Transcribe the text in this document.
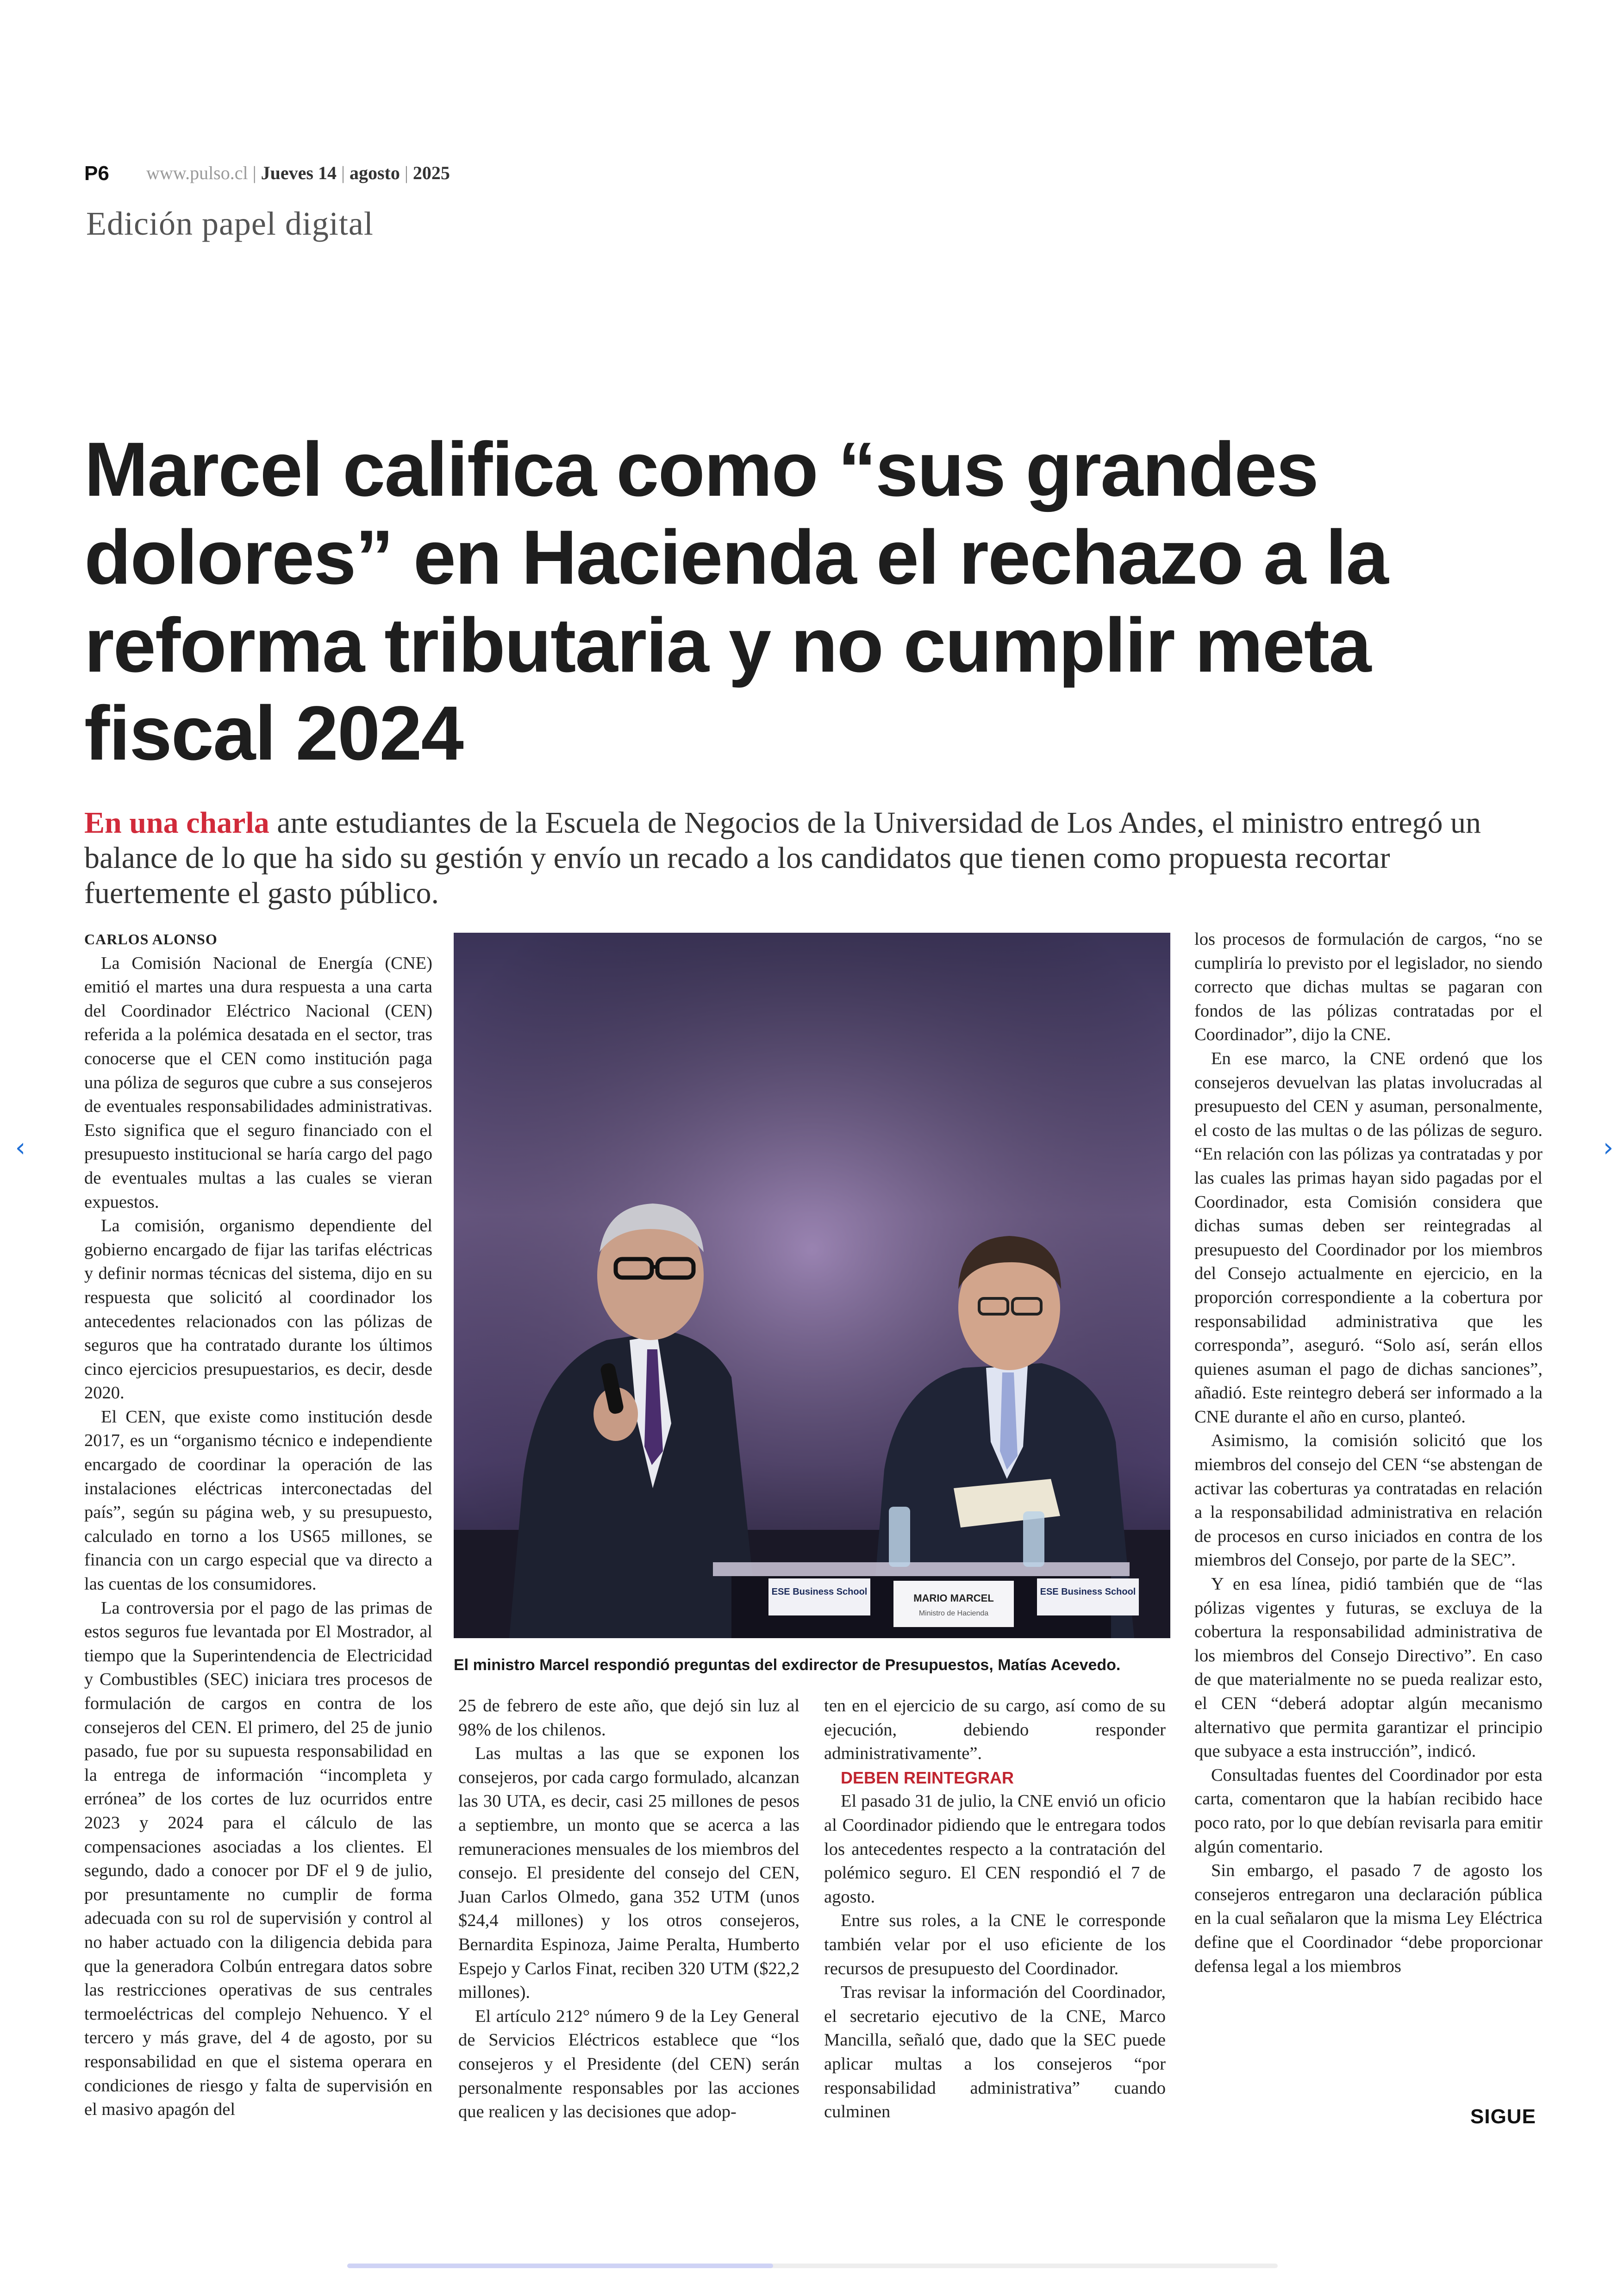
P6 www.pulso.cl | Jueves 14 | agosto | 2025
Edición papel digital
Marcel califica como “sus grandes dolores” en Hacienda el rechazo a la reforma tributaria y no cumplir meta fiscal 2024

En una charla ante estudiantes de la Escuela de Negocios de la Universidad de Los Andes, el ministro entregó un balance de lo que ha sido su gestión y envío un recado a los candidatos que tienen como propuesta recortar fuertemente el gasto público.

CARLOS ALONSO

La Comisión Nacional de Energía (CNE) emitió el martes una dura respuesta a una carta del Coordinador Eléctrico Nacional (CEN) referida a la polémica desatada en el sector, tras conocerse que el CEN como institución paga una póliza de seguros que cubre a sus consejeros de eventuales responsabilidades administrativas. Esto significa que el seguro financiado con el presupuesto institucional se haría cargo del pago de eventuales multas a las cuales se vieran expuestos.

La comisión, organismo dependiente del gobierno encargado de fijar las tarifas eléctricas y definir normas técnicas del sistema, dijo en su respuesta que solicitó al coordinador los antecedentes relacionados con las pólizas de seguros que ha contratado durante los últimos cinco ejercicios presupuestarios, es decir, desde 2020.

El CEN, que existe como institución desde 2017, es un “organismo técnico e independiente encargado de coordinar la operación de las instalaciones eléctricas interconectadas del país”, según su página web, y su presupuesto, calculado en torno a los US65 millones, se financia con un cargo especial que va directo a las cuentas de los consumidores.

La controversia por el pago de las primas de estos seguros fue levantada por El Mostrador, al tiempo que la Superintendencia de Electricidad y Combustibles (SEC) iniciara tres procesos de formulación de cargos en contra de los consejeros del CEN. El primero, del 25 de junio pasado, fue por su supuesta responsabilidad en la entrega de información “incompleta y errónea” de los cortes de luz ocurridos entre 2023 y 2024 para el cálculo de las compensaciones asociadas a los clientes. El segundo, dado a conocer por DF el 9 de julio, por presuntamente no cumplir de forma adecuada con su rol de supervisión y control al no haber actuado con la diligencia debida para que la generadora Colbún entregara datos sobre las restricciones operativas de sus centrales termoeléctricas del complejo Nehuenco. Y el tercero y más grave, del 4 de agosto, por su responsabilidad en que el sistema operara en condiciones de riesgo y falta de supervisión en el masivo apagón del

ESE Business School
MARIO MARCEL
Ministro de Hacienda
ESE Business School
El ministro Marcel respondió preguntas del exdirector de Presupuestos, Matías Acevedo.

25 de febrero de este año, que dejó sin luz al 98% de los chilenos.

Las multas a las que se exponen los consejeros, por cada cargo formulado, alcanzan las 30 UTA, es decir, casi 25 millones de pesos a septiembre, un monto que se acerca a las remuneraciones mensuales de los miembros del consejo. El presidente del consejo del CEN, Juan Carlos Olmedo, gana 352 UTM (unos $24,4 millones) y los otros consejeros, Bernardita Espinoza, Jaime Peralta, Humberto Espejo y Carlos Finat, reciben 320 UTM ($22,2 millones).

El artículo 212° número 9 de la Ley General de Servicios Eléctricos establece que “los consejeros y el Presidente (del CEN) serán personalmente responsables por las acciones que realicen y las decisiones que adop-

ten en el ejercicio de su cargo, así como de su ejecución, debiendo responder administrativamente”.

DEBEN REINTEGRAR

El pasado 31 de julio, la CNE envió un oficio al Coordinador pidiendo que le entregara todos los antecedentes respecto a la contratación del polémico seguro. El CEN respondió el 7 de agosto.

Entre sus roles, a la CNE le corresponde también velar por el uso eficiente de los recursos de presupuesto del Coordinador.

Tras revisar la información del Coordinador, el secretario ejecutivo de la CNE, Marco Mancilla, señaló que, dado que la SEC puede aplicar multas a los consejeros “por responsabilidad administrativa” cuando culminen

los procesos de formulación de cargos, “no se cumpliría lo previsto por el legislador, no siendo correcto que dichas multas se pagaran con fondos de las pólizas contratadas por el Coordinador”, dijo la CNE.

En ese marco, la CNE ordenó que los consejeros devuelvan las platas involucradas al presupuesto del CEN y asuman, personalmente, el costo de las multas o de las pólizas de seguro. “En relación con las pólizas ya contratadas y por las cuales las primas hayan sido pagadas por el Coordinador, esta Comisión considera que dichas sumas deben ser reintegradas al presupuesto del Coordinador por los miembros del Consejo actualmente en ejercicio, en la proporción correspondiente a la cobertura por responsabilidad administrativa que les corresponda”, aseguró. “Solo así, serán ellos quienes asuman el pago de dichas sanciones”, añadió. Este reintegro deberá ser informado a la CNE durante el año en curso, planteó.

Asimismo, la comisión solicitó que los miembros del consejo del CEN “se abstengan de activar las coberturas ya contratadas en relación a la responsabilidad administrativa en relación de procesos en curso iniciados en contra de los miembros del Consejo, por parte de la SEC”.

Y en esa línea, pidió también que de “las pólizas vigentes y futuras, se excluya de la cobertura la responsabilidad administrativa de los miembros del Consejo Directivo”. En caso de que materialmente no se pueda realizar esto, el CEN “deberá adoptar algún mecanismo alternativo que permita garantizar el principio que subyace a esta instrucción”, indicó.

Consultadas fuentes del Coordinador por esta carta, comentaron que la habían recibido hace poco rato, por lo que debían revisarla para emitir algún comentario.

Sin embargo, el pasado 7 de agosto los consejeros entregaron una declaración pública en la cual señalaron que la misma Ley Eléctrica define que el Coordinador “debe proporcionar defensa legal a los miembros

SIGUE
‹	›
